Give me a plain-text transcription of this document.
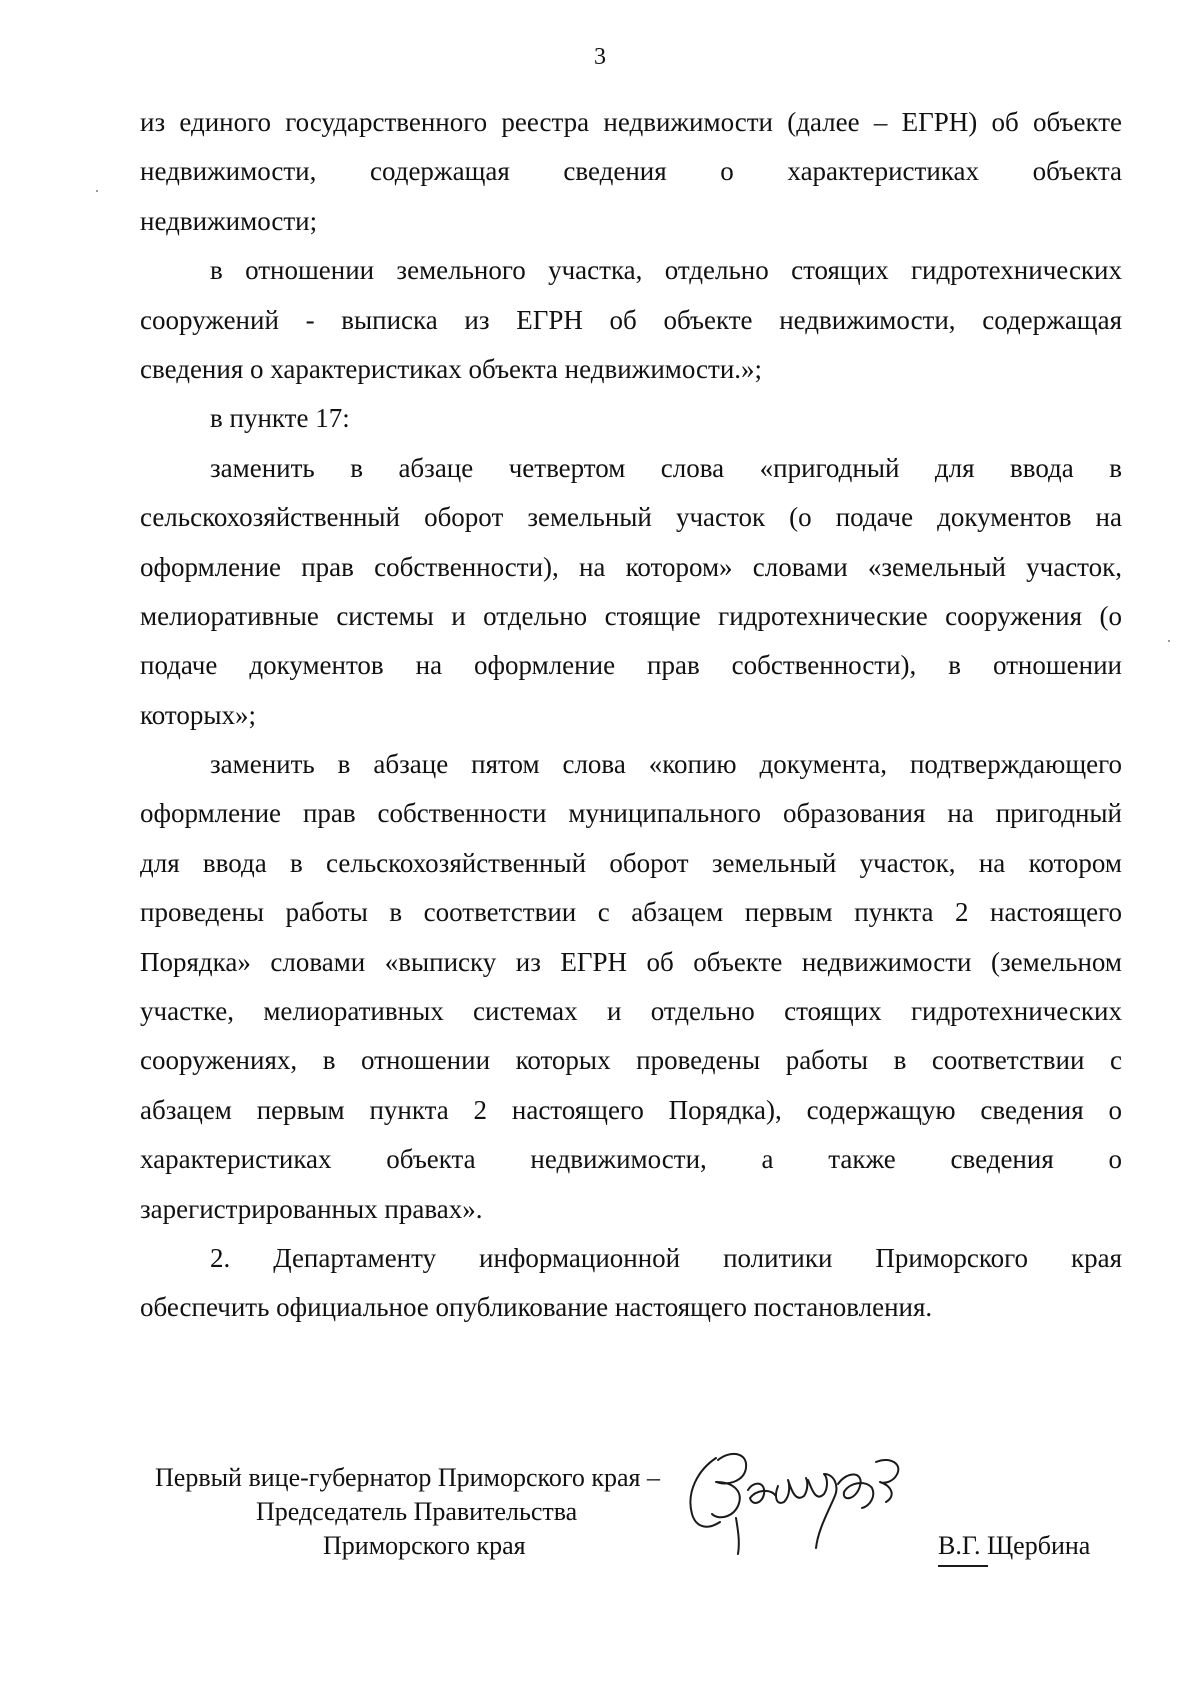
3
из единого государственного реестра недвижимости (далее – ЕГРН) об объекте
недвижимости, содержащая сведения о характеристиках объекта
недвижимости;
в отношении земельного участка, отдельно стоящих гидротехнических
сооружений - выписка из ЕГРН об объекте недвижимости, содержащая
сведения о характеристиках объекта недвижимости.»;
в пункте 17:
заменить в абзаце четвертом слова «пригодный для ввода в
сельскохозяйственный оборот земельный участок (о подаче документов на
оформление прав собственности), на котором» словами «земельный участок,
мелиоративные системы и отдельно стоящие гидротехнические сооружения (о
подаче документов на оформление прав собственности), в отношении
которых»;
заменить в абзаце пятом слова «копию документа, подтверждающего
оформление прав собственности муниципального образования на пригодный
для ввода в сельскохозяйственный оборот земельный участок, на котором
проведены работы в соответствии с абзацем первым пункта 2 настоящего
Порядка» словами «выписку из ЕГРН об объекте недвижимости (земельном
участке, мелиоративных системах и отдельно стоящих гидротехнических
сооружениях, в отношении которых проведены работы в соответствии с
абзацем первым пункта 2 настоящего Порядка), содержащую сведения о
характеристиках объекта недвижимости, а также сведения о
зарегистрированных правах».
2. Департаменту информационной политики Приморского края
обеспечить официальное опубликование настоящего постановления.
Первый вице-губернатор Приморского края –
Председатель Правительства
Приморского края	В.Г. Щербина
